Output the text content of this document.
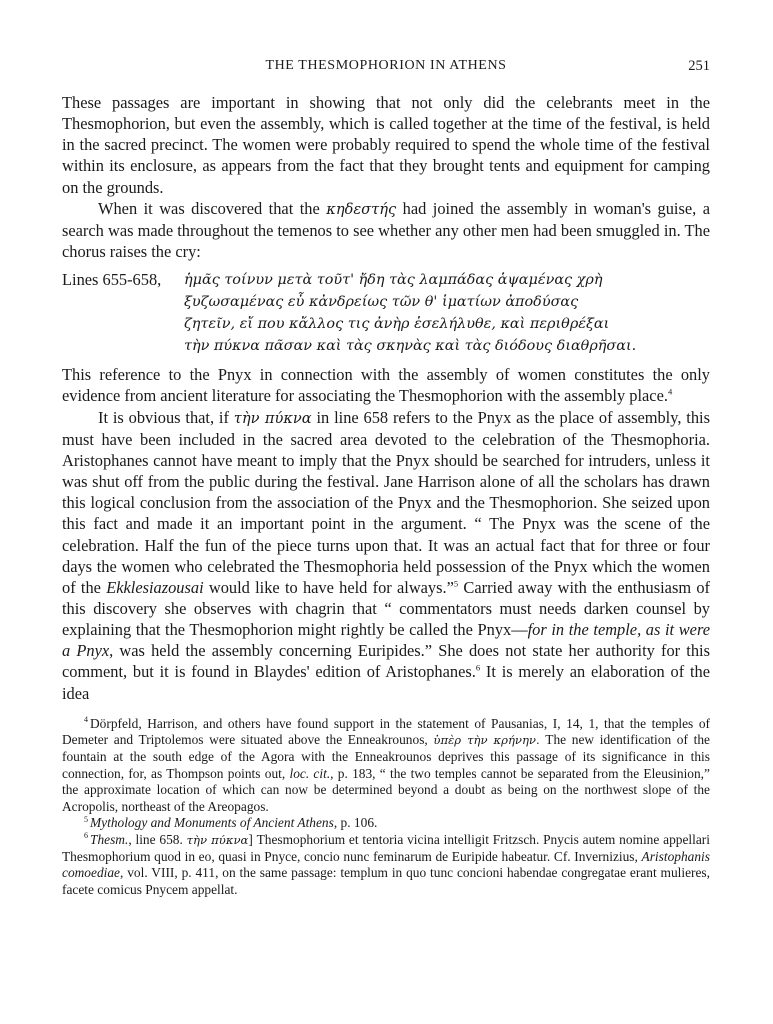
THE THESMOPHORION IN ATHENS	251

These passages are important in showing that not only did the celebrants meet in the Thesmophorion, but even the assembly, which is called together at the time of the festival, is held in the sacred precinct. The women were probably required to spend the whole time of the festival within its enclosure, as appears from the fact that they brought tents and equipment for camping on the grounds.

When it was discovered that the κηδεστής had joined the assembly in woman's guise, a search was made throughout the temenos to see whether any other men had been smuggled in. The chorus raises the cry:

Lines 655-658,	ἡμᾶς τοίνυν μετὰ τοῦτ' ἤδη τὰς λαμπάδας ἁψαμένας χρὴ
ξυζωσαμένας εὖ κἀνδρείως τῶν θ' ἱματίων ἀποδύσας
ζητεῖν, εἴ που κἄλλος τις ἀνὴρ ἐσελήλυθε, καὶ περιθρέξαι
τὴν πύκνα πᾶσαν καὶ τὰς σκηνὰς καὶ τὰς διόδους διαθρῆσαι.

This reference to the Pnyx in connection with the assembly of women constitutes the only evidence from ancient literature for associating the Thesmophorion with the assembly place.$^4$

It is obvious that, if τὴν πύκνα in line 658 refers to the Pnyx as the place of assembly, this must have been included in the sacred area devoted to the celebration of the Thesmophoria. Aristophanes cannot have meant to imply that the Pnyx should be searched for intruders, unless it was shut off from the public during the festival. Jane Harrison alone of all the scholars has drawn this logical conclusion from the association of the Pnyx and the Thesmophorion. She seized upon this fact and made it an important point in the argument. “ The Pnyx was the scene of the celebration. Half the fun of the piece turns upon that. It was an actual fact that for three or four days the women who celebrated the Thesmophoria held possession of the Pnyx which the women of the Ekklesiazousai would like to have held for always.”$^5$ Carried away with the enthusiasm of this discovery she observes with chagrin that “ commentators must needs darken counsel by explaining that the Thesmophorion might rightly be called the Pnyx—for in the temple, as it were a Pnyx, was held the assembly concerning Euripides.” She does not state her authority for this comment, but it is found in Blaydes' edition of Aristophanes.$^6$ It is merely an elaboration of the idea

$^4$ Dörpfeld, Harrison, and others have found support in the statement of Pausanias, I, 14, 1, that the temples of Demeter and Triptolemos were situated above the Enneakrounos, ὑπὲρ τὴν κρήνην. The new identification of the fountain at the south edge of the Agora with the Enneakrounos deprives this passage of its significance in this connection, for, as Thompson points out, loc. cit., p. 183, “ the two temples cannot be separated from the Eleusinion,” the approximate location of which can now be determined beyond a doubt as being on the northwest slope of the Acropolis, northeast of the Areopagos.

$^5$ Mythology and Monuments of Ancient Athens, p. 106.

$^6$ Thesm., line 658. τὴν πύκνα] Thesmophorium et tentoria vicina intelligit Fritzsch. Pnycis autem nomine appellari Thesmophorium quod in eo, quasi in Pnyce, concio nunc feminarum de Euripide habeatur. Cf. Invernizius, Aristophanis comoediae, vol. VIII, p. 411, on the same passage: templum in quo tunc concioni habendae congregatae erant mulieres, facete comicus Pnycem appellat.
